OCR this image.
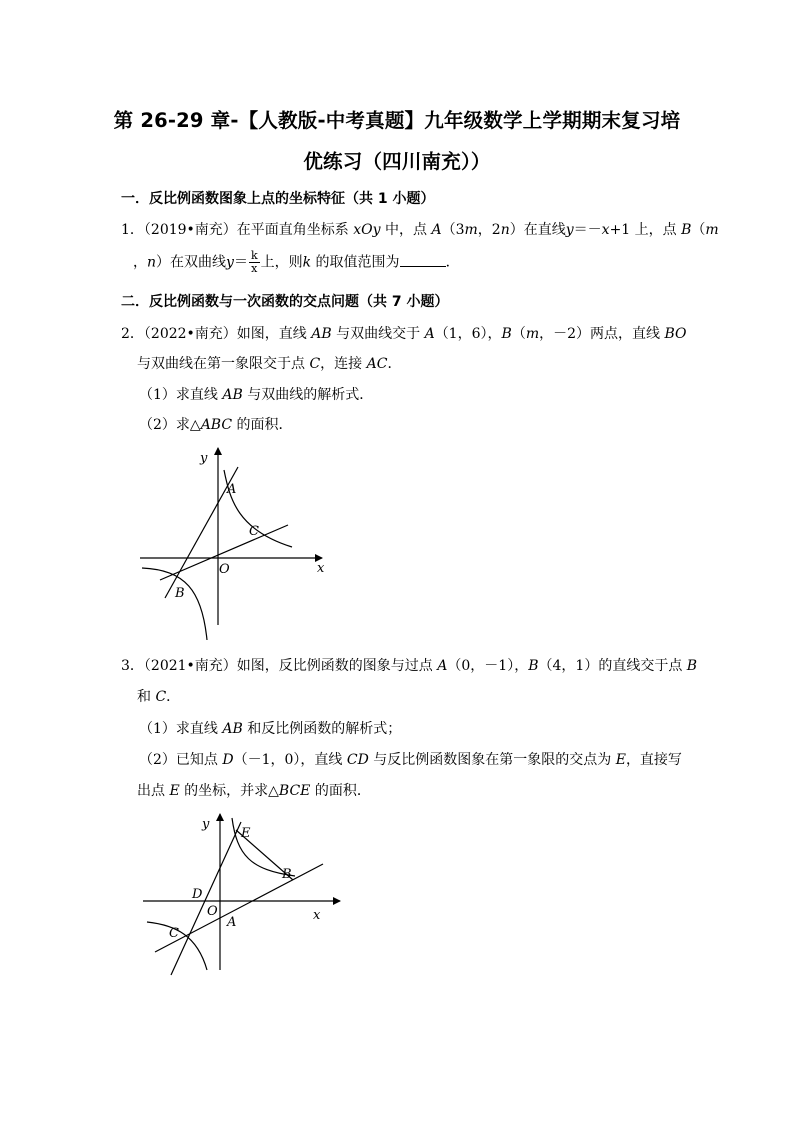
第 26-29 章-【人教版-中考真题】九年级数学上学期期末复习培
优练习（四川南充））
一．反比例函数图象上点的坐标特征（共 1 小题）
1．（2019•南充）在平面直角坐标系 xOy 中，点 A（3m，2n）在直线y＝－x+1 上，点 B（m
，n）在双曲线$y= \frac{k}{x}$ 上，则k 的取值范围为	．
二．反比例函数与一次函数的交点问题（共 7 小题）
2．（2022•南充）如图，直线 AB 与双曲线交于 A（1，6），B（m，－2）两点，直线 BO
与双曲线在第一象限交于点 C，连接 AC．
（1）求直线 AB 与双曲线的解析式．
（2）求△ABC 的面积．
y
x
O
A
B
C
3．（2021•南充）如图，反比例函数的图象与过点 A（0，－1），B（4，1）的直线交于点 B
和 C．
（1）求直线 AB 和反比例函数的解析式；
（2）已知点 D（－1，0），直线 CD 与反比例函数图象在第一象限的交点为 E，直接写
出点 E 的坐标，并求△BCE 的面积．
y
x
O
A
B
C
D
E
